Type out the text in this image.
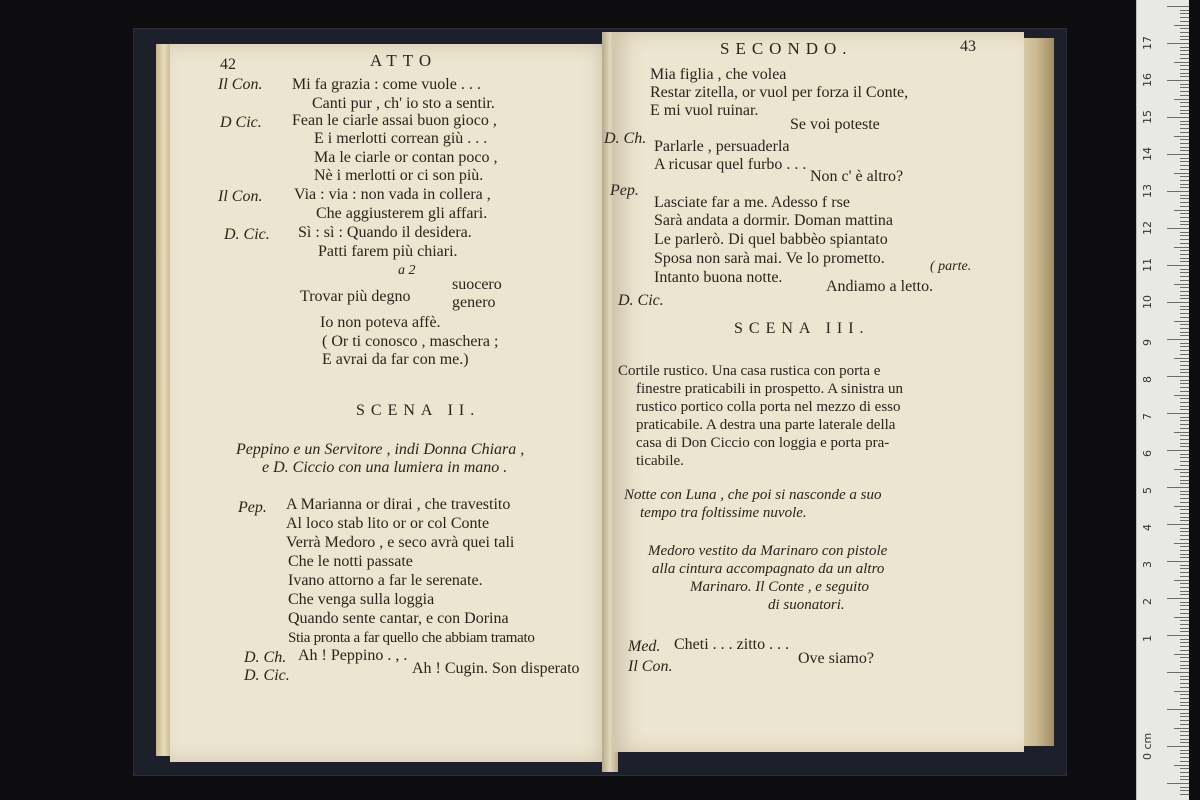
42	ATTO
Il Con. Mi fa grazia : come vuole . . .
Canti pur , ch' io sto a sentir.
D Cic. Fean le ciarle assai buon gioco ,
E i merlotti correan giù . . .
Ma le ciarle or contan poco ,
Nè i merlotti or ci son più.
Il Con. Via : via : non vada in collera ,
Che aggiusterem gli affari.
D. Cic. Sì : sì : Quando il desidera.
Patti farem più chiari.
a 2
suocero
Trovar più degno	genero
Io non poteva affè.
( Or ti conosco , maschera ;
E avrai da far con me.)
SCENA II.
Peppino e un Servitore , indi Donna Chiara ,
e D. Ciccio con una lumiera in mano .
Pep. A Marianna or dirai , che travestito
Al loco stab lito or or col Conte
Verrà Medoro , e seco avrà quei tali
Che le notti passate
Ivano attorno a far le serenate.
Che venga sulla loggia
Quando sente cantar, e con Dorina
Stia pronta a far quello che abbiam tramato
D. Ch. Ah ! Peppino . , .
D. Cic.	Ah ! Cugin. Son disperato
SECONDO.	43
Mia figlia , che volea
Restar zitella, or vuol per forza il Conte,
E mi vuol ruinar.
Se voi poteste
D. Ch. Parlarle , persuaderla
A ricusar quel furbo . . .
Non c' è altro?
Pep.
Lasciate far a me. Adesso f rse
Sarà andata a dormir. Doman mattina
Le parlerò. Di quel babbèo spiantato
Sposa non sarà mai. Ve lo prometto.
Intanto buona notte.
( parte.
D. Cic.
Andiamo a letto.
SCENA III.
Cortile rustico. Una casa rustica con porta e
finestre praticabili in prospetto. A sinistra un
rustico portico colla porta nel mezzo di esso
praticabile. A destra una parte laterale della
casa di Don Ciccio con loggia e porta pra-
ticabile.
Notte con Luna , che poi si nasconde a suo
tempo tra foltissime nuvole.
Medoro vestito da Marinaro con pistole
alla cintura accompagnato da un altro
Marinaro. Il Conte , e seguito
di suonatori.
Med. Cheti . . . zitto . . .
Il Con.	Ove siamo?
17
16
15
14
13
12
11
10
9
8
7
6
5
4
3
2
1
0 cm
